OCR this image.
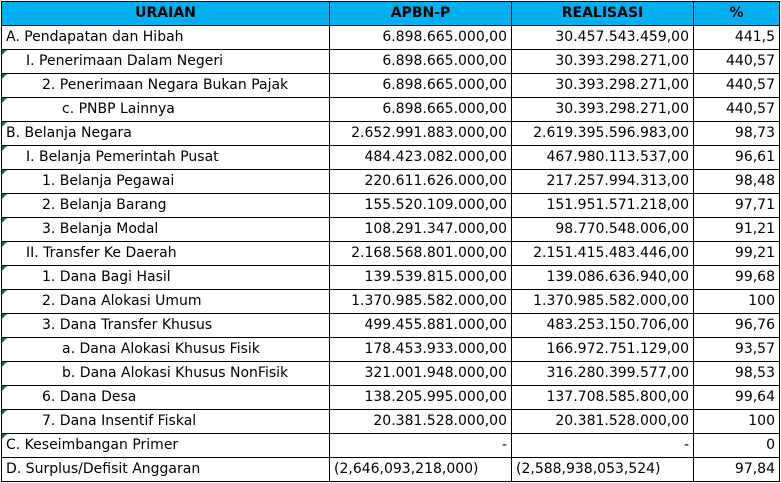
URAIAN	APBN-P	REALISASI	%
A. Pendapatan dan Hibah	6.898.665.000,00	30.457.543.459,00	441,5
I. Penerimaan Dalam Negeri	6.898.665.000,00	30.393.298.271,00	440,57
2. Penerimaan Negara Bukan Pajak	6.898.665.000,00	30.393.298.271,00	440,57
c. PNBP Lainnya	6.898.665.000,00	30.393.298.271,00	440,57
B. Belanja Negara	2.652.991.883.000,00	2.619.395.596.983,00	98,73
I. Belanja Pemerintah Pusat	484.423.082.000,00	467.980.113.537,00	96,61
1. Belanja Pegawai	220.611.626.000,00	217.257.994.313,00	98,48
2. Belanja Barang	155.520.109.000,00	151.951.571.218,00	97,71
3. Belanja Modal	108.291.347.000,00	98.770.548.006,00	91,21
II. Transfer Ke Daerah	2.168.568.801.000,00	2.151.415.483.446,00	99,21
1. Dana Bagi Hasil	139.539.815.000,00	139.086.636.940,00	99,68
2. Dana Alokasi Umum	1.370.985.582.000,00	1.370.985.582.000,00	100
3. Dana Transfer Khusus	499.455.881.000,00	483.253.150.706,00	96,76
a. Dana Alokasi Khusus Fisik	178.453.933.000,00	166.972.751.129,00	93,57
b. Dana Alokasi Khusus NonFisik	321.001.948.000,00	316.280.399.577,00	98,53
6. Dana Desa	138.205.995.000,00	137.708.585.800,00	99,64
7. Dana Insentif Fiskal	20.381.528.000,00	20.381.528.000,00	100
C. Keseimbangan Primer	-	-	0
D. Surplus/Defisit Anggaran	(2,646,093,218,000)	(2,588,938,053,524)	97,84
